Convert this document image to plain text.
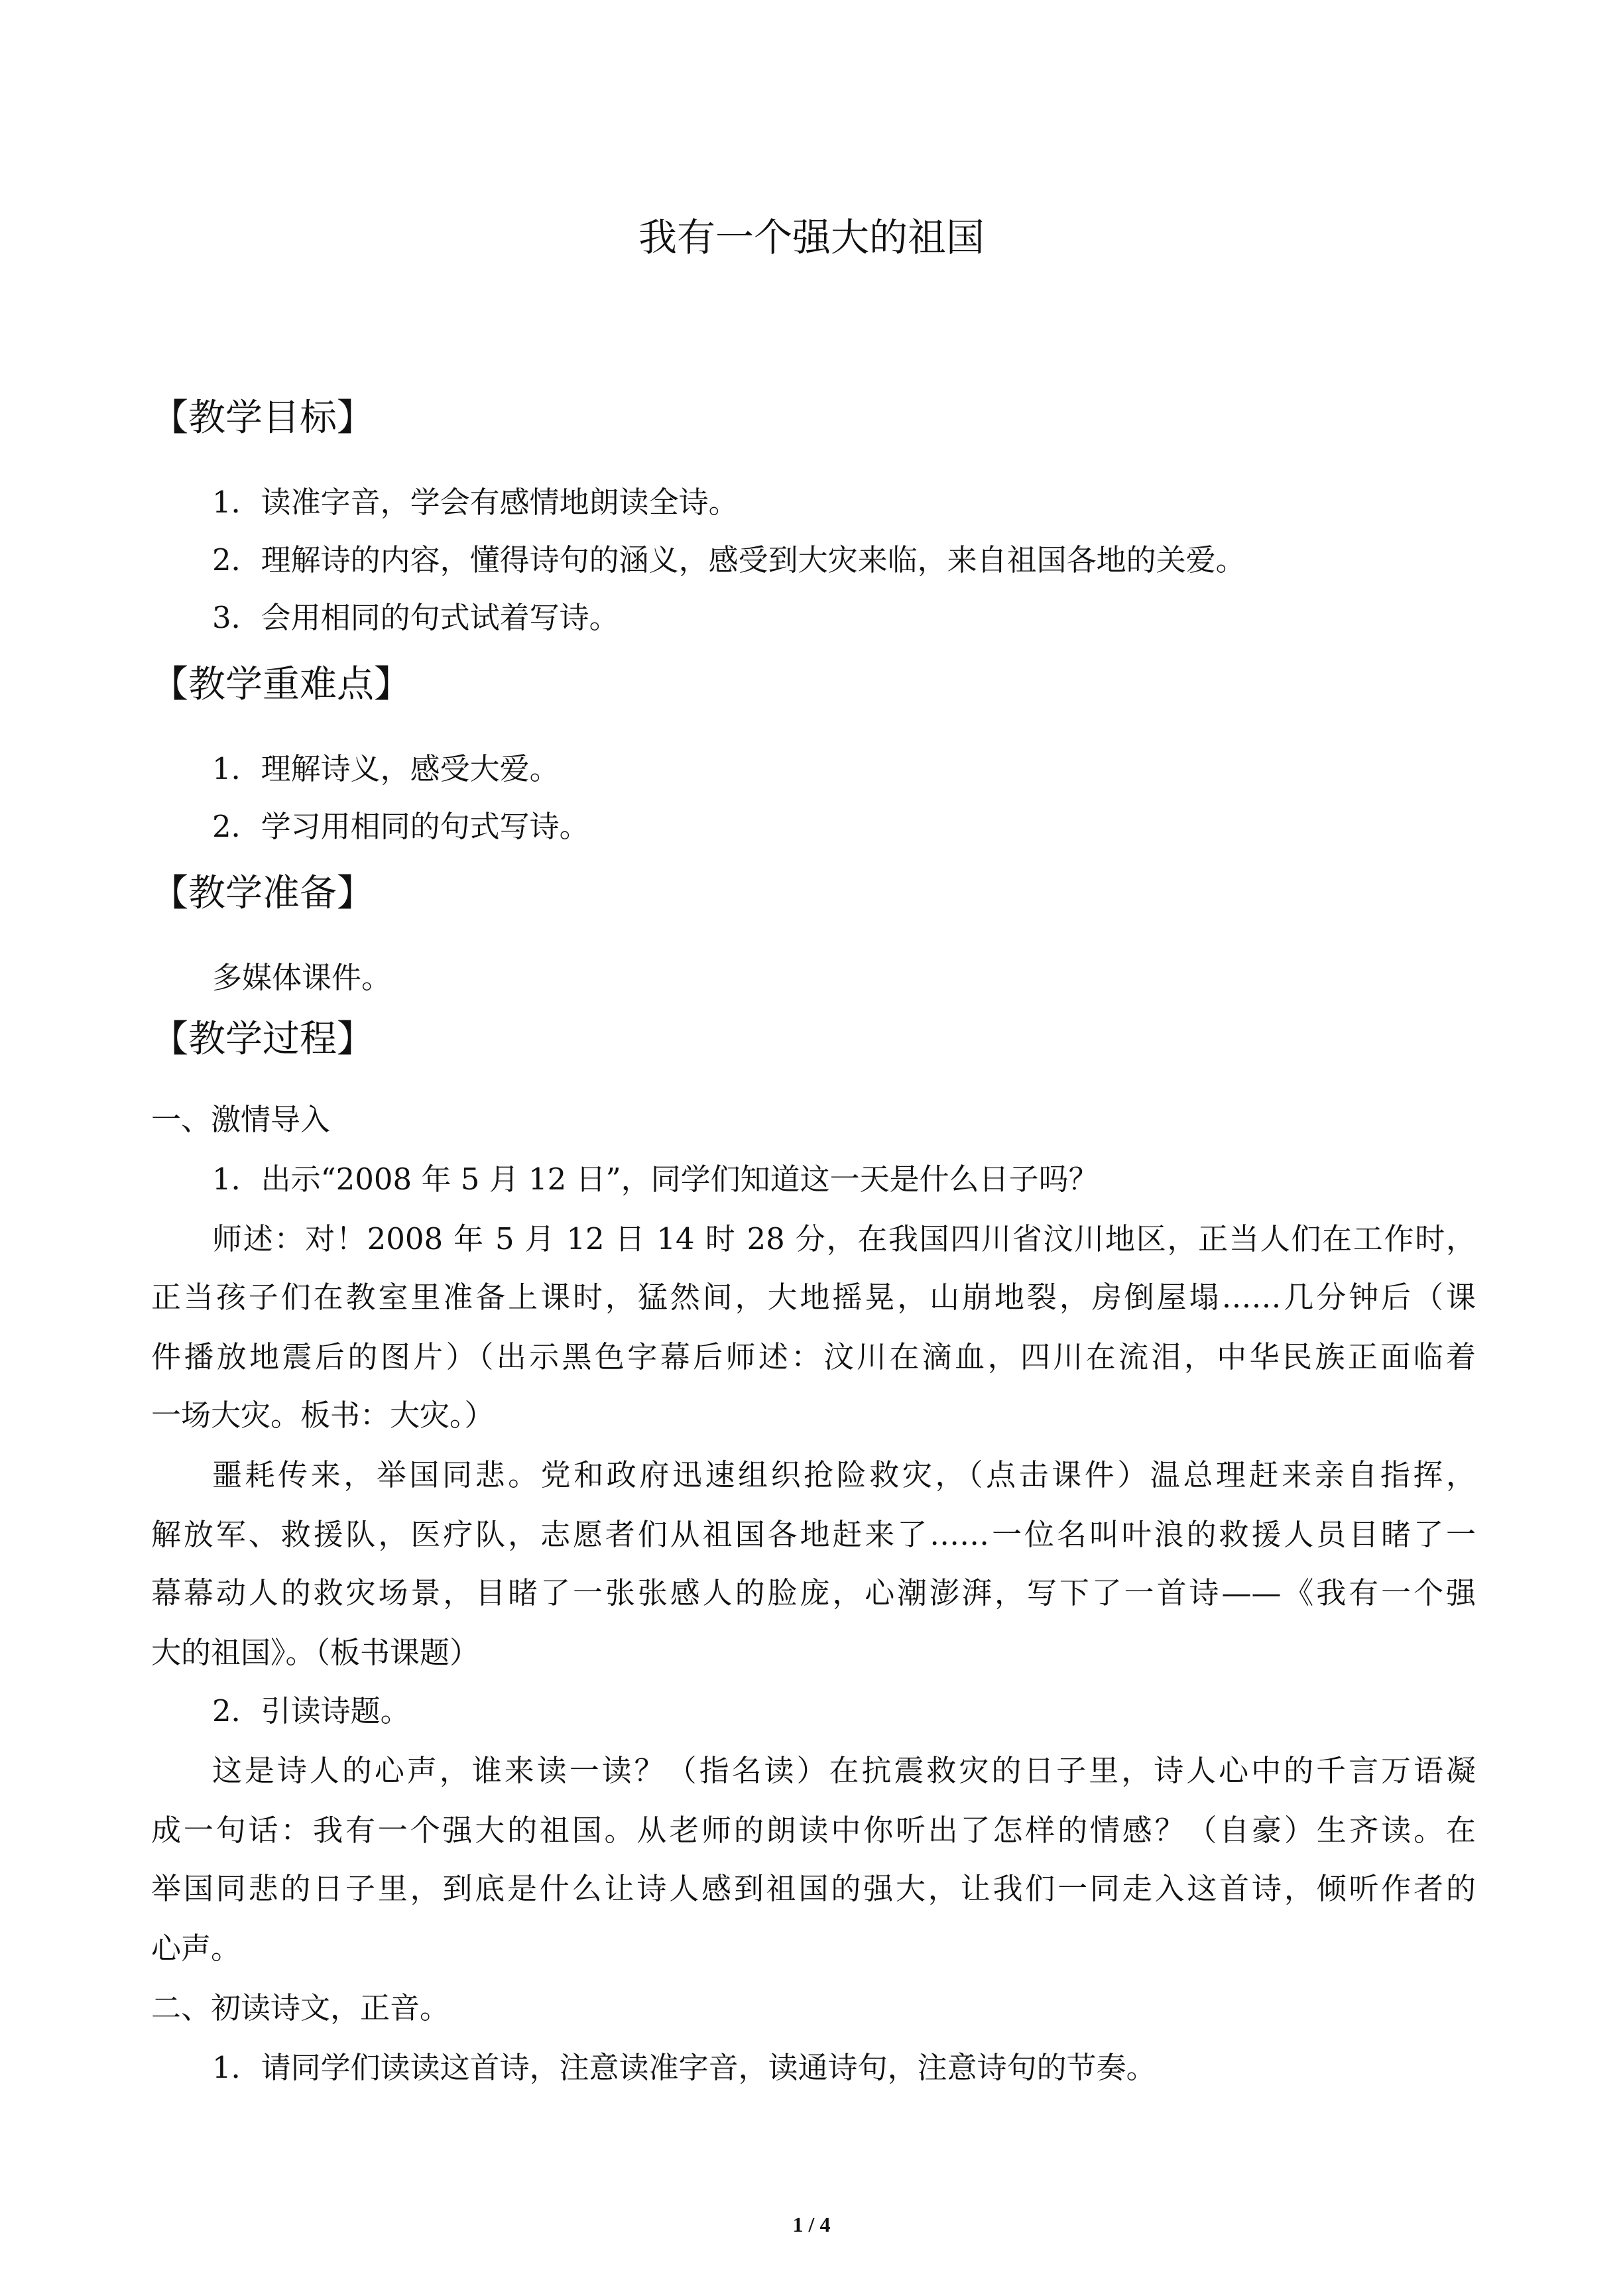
我有一个强大的祖国
【教学目标】
1．读准字音，学会有感情地朗读全诗。
2．理解诗的内容，懂得诗句的涵义，感受到大灾来临，来自祖国各地的关爱。
3．会用相同的句式试着写诗。
【教学重难点】
1．理解诗义，感受大爱。
2．学习用相同的句式写诗。
【教学准备】
多媒体课件。
【教学过程】
一、激情导入
1．出示“2008 年 5 月 12 日”，同学们知道这一天是什么日子吗？
师述：对！2008 年 5 月 12 日 14 时 28 分，在我国四川省汶川地区，正当人们在工作时，
正当孩子们在教室里准备上课时，猛然间，大地摇晃，山崩地裂，房倒屋塌……几分钟后（课
件播放地震后的图片）（出示黑色字幕后师述：汶川在滴血，四川在流泪，中华民族正面临着
一场大灾。板书：大灾。）
噩耗传来，举国同悲。党和政府迅速组织抢险救灾，（点击课件）温总理赶来亲自指挥，
解放军、救援队，医疗队，志愿者们从祖国各地赶来了……一位名叫叶浪的救援人员目睹了一
幕幕动人的救灾场景，目睹了一张张感人的脸庞，心潮澎湃，写下了一首诗——《我有一个强
大的祖国》。（板书课题）
2．引读诗题。
这是诗人的心声，谁来读一读？（指名读）在抗震救灾的日子里，诗人心中的千言万语凝
成一句话：我有一个强大的祖国。从老师的朗读中你听出了怎样的情感？（自豪）生齐读。在
举国同悲的日子里，到底是什么让诗人感到祖国的强大，让我们一同走入这首诗，倾听作者的
心声。
二、初读诗文，正音。
1．请同学们读读这首诗，注意读准字音，读通诗句，注意诗句的节奏。
1 / 4
